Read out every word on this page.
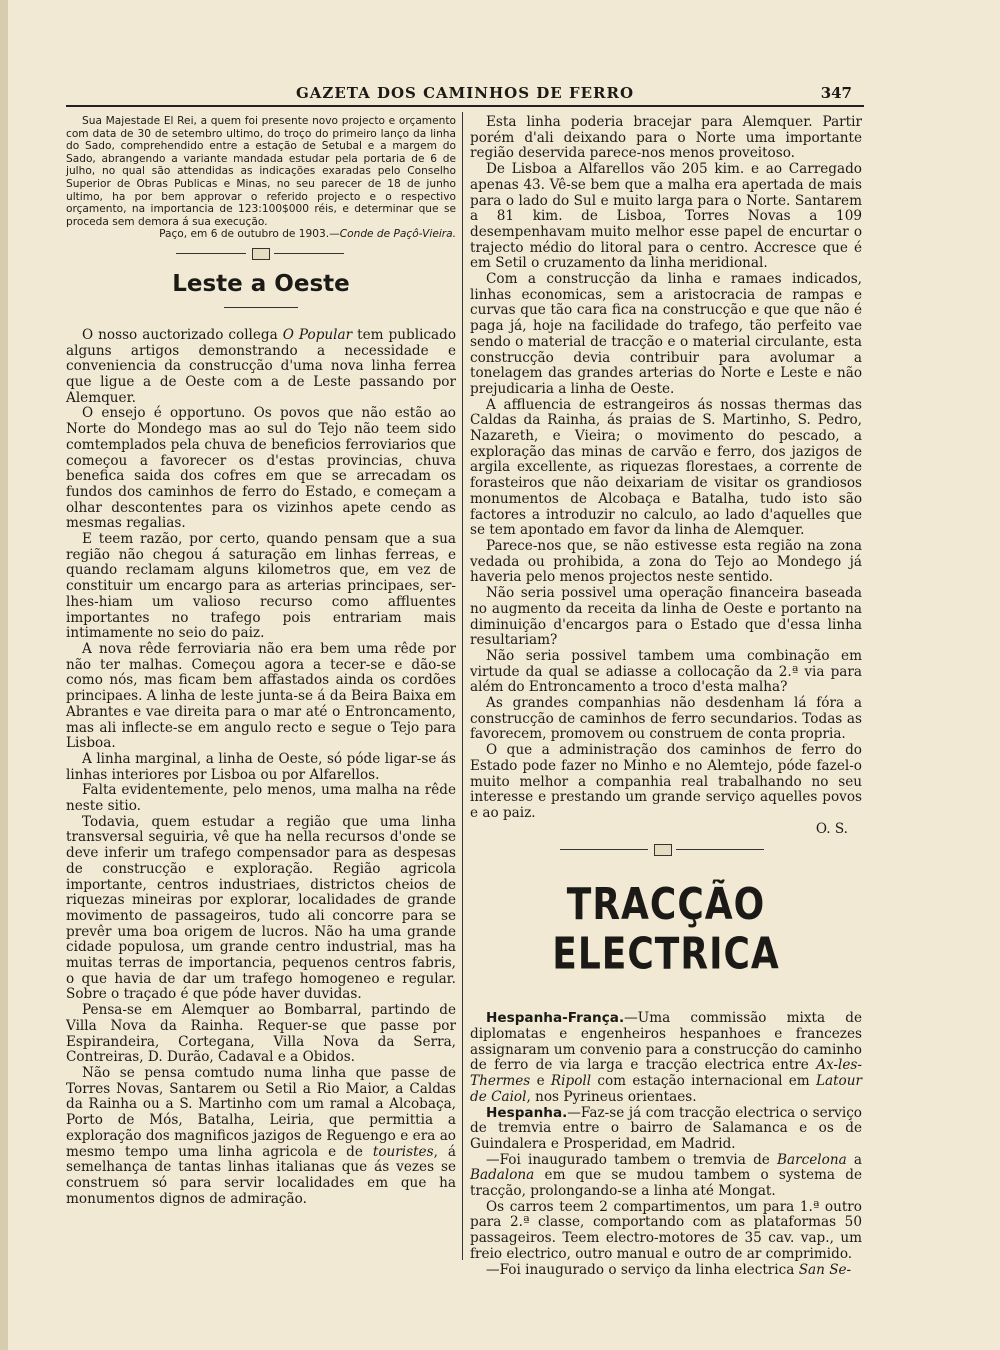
GAZETA DOS CAMINHOS DE FERRO	347

Sua Majestade El Rei, a quem foi presente novo projecto e orçamento com data de 30 de setembro ultimo, do troço do primeiro lanço da linha do Sado, comprehendido entre a estação de Setubal e a margem do Sado, abrangendo a variante mandada estudar pela portaria de 6 de julho, no qual são attendidas as indicações exaradas pelo Conselho Superior de Obras Publicas e Minas, no seu parecer de 18 de junho ultimo, ha por bem approvar o referido projecto e o respectivo orçamento, na importancia de 123:100$000 réis, e determinar que se proceda sem demora á sua execução.

Paço, em 6 de outubro de 1903.—Conde de Paçô-Vieira.

Leste a Oeste

O nosso auctorizado collega O Popular tem publicado alguns artigos demonstrando a necessidade e conveniencia da construcção d'uma nova linha ferrea que ligue a de Oeste com a de Leste passando por Alemquer.

O ensejo é opportuno. Os povos que não estão ao Norte do Mondego mas ao sul do Tejo não teem sido comtemplados pela chuva de beneficios ferroviarios que começou a favorecer os d'estas provincias, chuva benefica saida dos cofres em que se arrecadam os fundos dos caminhos de ferro do Estado, e começam a olhar descontentes para os vizinhos apete cendo as mesmas regalias.

E teem razão, por certo, quando pensam que a sua região não chegou á saturação em linhas ferreas, e quando reclamam alguns kilometros que, em vez de constituir um encargo para as arterias principaes, ser-lhes-hiam um valioso recurso como affluentes importantes no trafego pois entrariam mais intimamente no seio do paiz.

A nova rêde ferroviaria não era bem uma rêde por não ter malhas. Começou agora a tecer-se e dão-se como nós, mas ficam bem affastados ainda os cordões principaes. A linha de leste junta-se á da Beira Baixa em Abrantes e vae direita para o mar até o Entroncamento, mas ali inflecte-se em angulo recto e segue o Tejo para Lisboa.

A linha marginal, a linha de Oeste, só póde ligar-se ás linhas interiores por Lisboa ou por Alfarellos.

Falta evidentemente, pelo menos, uma malha na rêde neste sitio.

Todavia, quem estudar a região que uma linha transversal seguiria, vê que ha nella recursos d'onde se deve inferir um trafego compensador para as despesas de construcção e exploração. Região agricola importante, centros industriaes, districtos cheios de riquezas mineiras por explorar, localidades de grande movimento de passageiros, tudo ali concorre para se prevêr uma boa origem de lucros. Não ha uma grande cidade populosa, um grande centro industrial, mas ha muitas terras de importancia, pequenos centros fabris, o que havia de dar um trafego homogeneo e regular. Sobre o traçado é que póde haver duvidas.

Pensa-se em Alemquer ao Bombarral, partindo de Villa Nova da Rainha. Requer-se que passe por Espirandeira, Cortegana, Villa Nova da Serra, Contreiras, D. Durão, Cadaval e a Obidos.

Não se pensa comtudo numa linha que passe de Torres Novas, Santarem ou Setil a Rio Maior, a Caldas da Rainha ou a S. Martinho com um ramal a Alcobaça, Porto de Mós, Batalha, Leiria, que permittia a exploração dos magnificos jazigos de Reguengo e era ao mesmo tempo uma linha agricola e de touristes, á semelhança de tantas linhas italianas que ás vezes se construem só para servir localidades em que ha monumentos dignos de admiração.

Esta linha poderia bracejar para Alemquer. Partir porém d'ali deixando para o Norte uma importante região deservida parece-nos menos proveitoso.

De Lisboa a Alfarellos vão 205 kim. e ao Carregado apenas 43. Vê-se bem que a malha era apertada de mais para o lado do Sul e muito larga para o Norte. Santarem a 81 kim. de Lisboa, Torres Novas a 109 desempenhavam muito melhor esse papel de encurtar o trajecto médio do litoral para o centro. Accresce que é em Setil o cruzamento da linha meridional.

Com a construcção da linha e ramaes indicados, linhas economicas, sem a aristocracia de rampas e curvas que tão cara fica na construcção e que que não é paga já, hoje na facilidade do trafego, tão perfeito vae sendo o material de tracção e o material circulante, esta construcção devia contribuir para avolumar a tonelagem das grandes arterias do Norte e Leste e não prejudicaria a linha de Oeste.

A affluencia de estrangeiros ás nossas thermas das Caldas da Rainha, ás praias de S. Martinho, S. Pedro, Nazareth, e Vieira; o movimento do pescado, a exploração das minas de carvão e ferro, dos jazigos de argila excellente, as riquezas florestaes, a corrente de forasteiros que não deixariam de visitar os grandiosos monumentos de Alcobaça e Batalha, tudo isto são factores a introduzir no calculo, ao lado d'aquelles que se tem apontado em favor da linha de Alemquer.

Parece-nos que, se não estivesse esta região na zona vedada ou prohibida, a zona do Tejo ao Mondego já haveria pelo menos projectos neste sentido.

Não seria possivel uma operação financeira baseada no augmento da receita da linha de Oeste e portanto na diminuição d'encargos para o Estado que d'essa linha resultariam?

Não seria possivel tambem uma combinação em virtude da qual se adiasse a collocação da 2.ª via para além do Entroncamento a troco d'esta malha?

As grandes companhias não desdenham lá fóra a construcção de caminhos de ferro secundarios. Todas as favorecem, promovem ou construem de conta propria.

O que a administração dos caminhos de ferro do Estado pode fazer no Minho e no Alemtejo, póde fazel-o muito melhor a companhia real trabalhando no seu interesse e prestando um grande serviço aquelles povos e ao paiz.

O. S.

TRACÇÃO ELECTRICA

Hespanha-França.—Uma commissão mixta de diplomatas e engenheiros hespanhoes e francezes assignaram um convenio para a construcção do caminho de ferro de via larga e tracção electrica entre Ax-les-Thermes e Ripoll com estação internacional em Latour de Caiol, nos Pyrineus orientaes.

Hespanha.—Faz-se já com tracção electrica o serviço de tremvia entre o bairro de Salamanca e os de Guindalera e Prosperidad, em Madrid.

—Foi inaugurado tambem o tremvia de Barcelona a Badalona em que se mudou tambem o systema de tracção, prolongando-se a linha até Mongat.

Os carros teem 2 compartimentos, um para 1.ª outro para 2.ª classe, comportando com as plataformas 50 passageiros. Teem electro-motores de 35 cav. vap., um freio electrico, outro manual e outro de ar comprimido.

—Foi inaugurado o serviço da linha electrica San Se-
